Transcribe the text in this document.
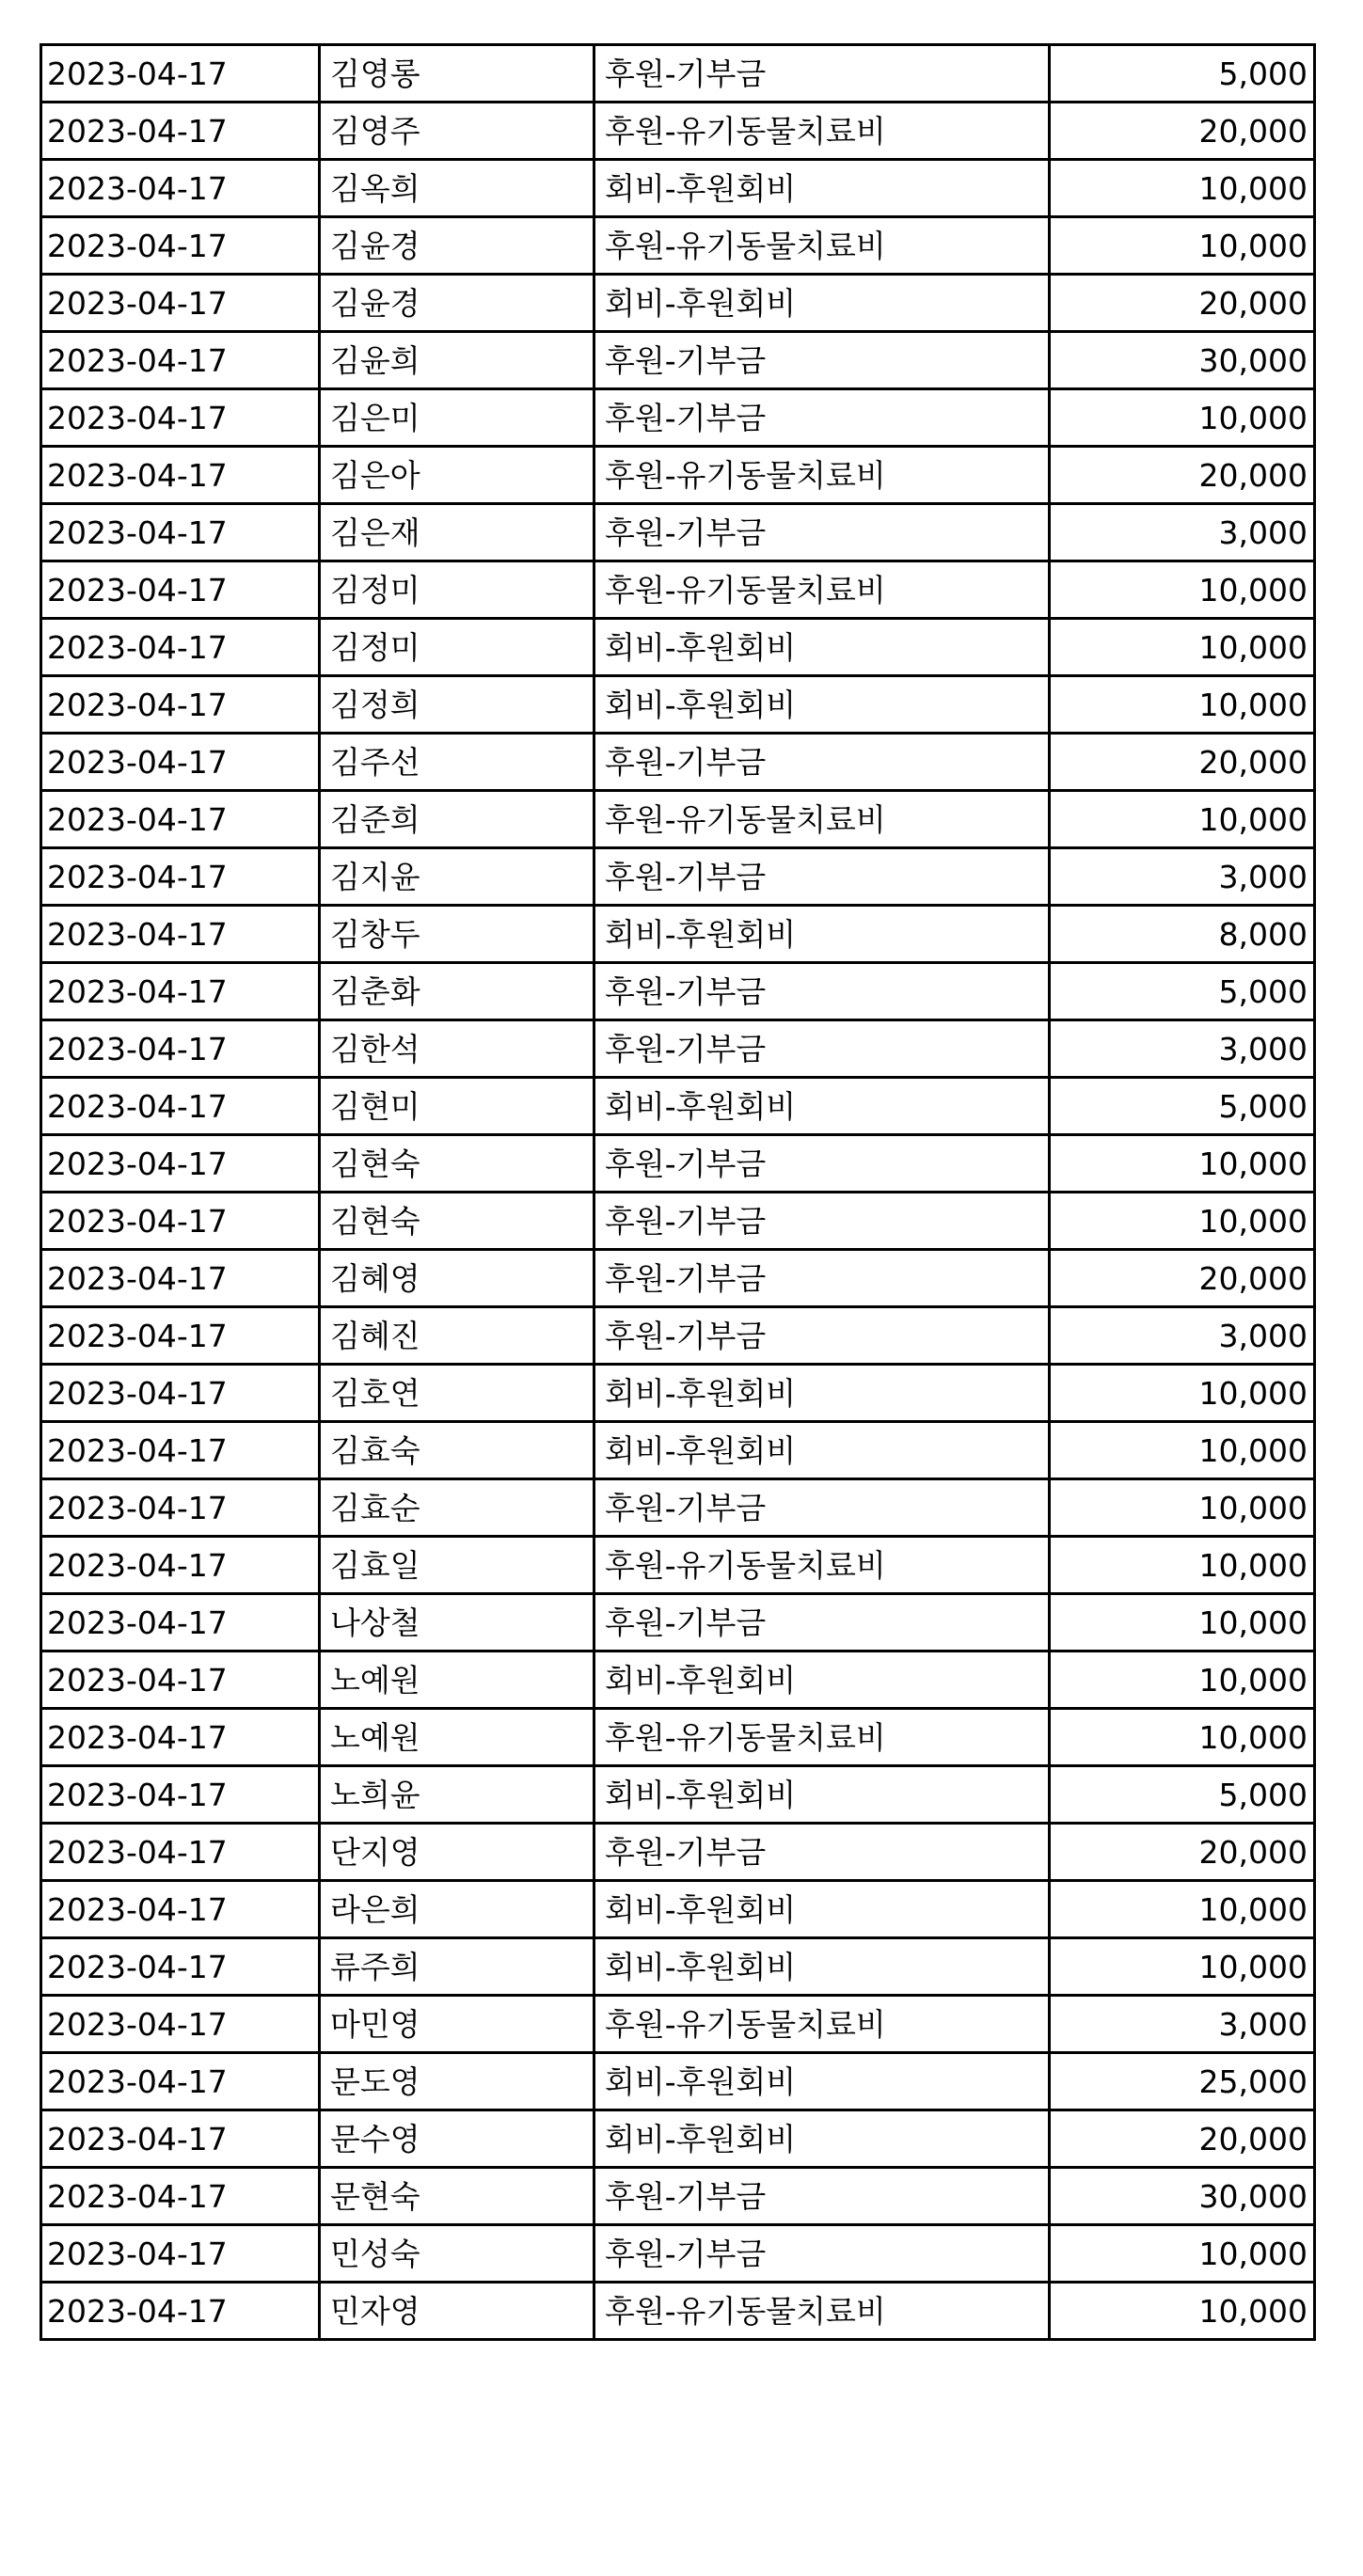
2023-04-17	김영롱	후원-기부금	5,000
2023-04-17	김영주	후원-유기동물치료비	20,000
2023-04-17	김옥희	회비-후원회비	10,000
2023-04-17	김윤경	후원-유기동물치료비	10,000
2023-04-17	김윤경	회비-후원회비	20,000
2023-04-17	김윤희	후원-기부금	30,000
2023-04-17	김은미	후원-기부금	10,000
2023-04-17	김은아	후원-유기동물치료비	20,000
2023-04-17	김은재	후원-기부금	3,000
2023-04-17	김정미	후원-유기동물치료비	10,000
2023-04-17	김정미	회비-후원회비	10,000
2023-04-17	김정희	회비-후원회비	10,000
2023-04-17	김주선	후원-기부금	20,000
2023-04-17	김준희	후원-유기동물치료비	10,000
2023-04-17	김지윤	후원-기부금	3,000
2023-04-17	김창두	회비-후원회비	8,000
2023-04-17	김춘화	후원-기부금	5,000
2023-04-17	김한석	후원-기부금	3,000
2023-04-17	김현미	회비-후원회비	5,000
2023-04-17	김현숙	후원-기부금	10,000
2023-04-17	김현숙	후원-기부금	10,000
2023-04-17	김혜영	후원-기부금	20,000
2023-04-17	김혜진	후원-기부금	3,000
2023-04-17	김호연	회비-후원회비	10,000
2023-04-17	김효숙	회비-후원회비	10,000
2023-04-17	김효순	후원-기부금	10,000
2023-04-17	김효일	후원-유기동물치료비	10,000
2023-04-17	나상철	후원-기부금	10,000
2023-04-17	노예원	회비-후원회비	10,000
2023-04-17	노예원	후원-유기동물치료비	10,000
2023-04-17	노희윤	회비-후원회비	5,000
2023-04-17	단지영	후원-기부금	20,000
2023-04-17	라은희	회비-후원회비	10,000
2023-04-17	류주희	회비-후원회비	10,000
2023-04-17	마민영	후원-유기동물치료비	3,000
2023-04-17	문도영	회비-후원회비	25,000
2023-04-17	문수영	회비-후원회비	20,000
2023-04-17	문현숙	후원-기부금	30,000
2023-04-17	민성숙	후원-기부금	10,000
2023-04-17	민자영	후원-유기동물치료비	10,000
